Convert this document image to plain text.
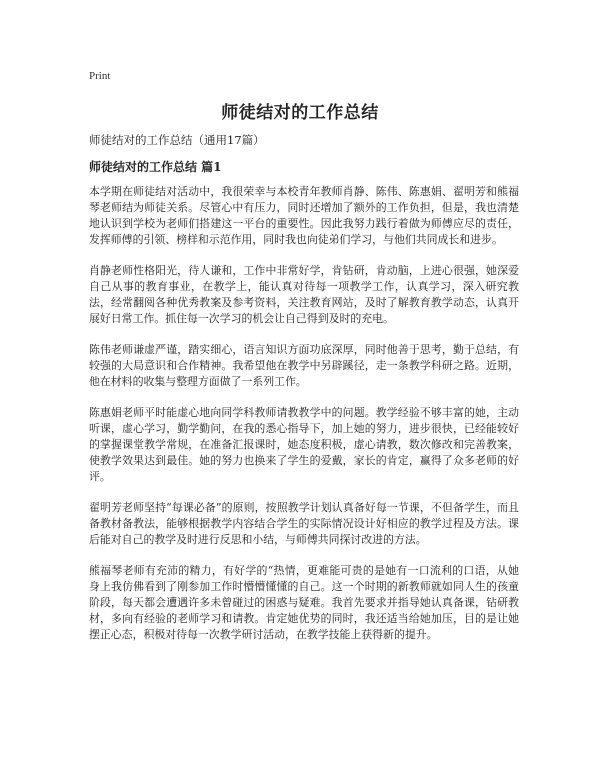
Print
师徒结对的工作总结

师徒结对的工作总结（通用17篇）

师徒结对的工作总结 篇1

本学期在师徒结对活动中，我很荣幸与本校青年教师肖静、陈伟、陈惠娟、翟明芳和熊福琴老师结为师徒关系。尽管心中有压力，同时还增加了额外的工作负担，但是，我也清楚地认识到学校为老师们搭建这一平台的重要性。因此我努力践行着做为师傅应尽的责任，发挥师傅的引领、榜样和示范作用，同时我也向徒弟们学习，与他们共同成长和进步。

肖静老师性格阳光，待人谦和，工作中非常好学，肯钻研，肯动脑，上进心很强，她深爱自己从事的教育事业，在教学上，能认真对待每一项教学工作，认真学习，深入研究教法，经常翻阅各种优秀教案及参考资料，关注教育网站，及时了解教育教学动态，认真开展好日常工作。抓住每一次学习的机会让自己得到及时的充电。

陈伟老师谦虚严谨，踏实细心，语言知识方面功底深厚，同时他善于思考，勤于总结，有较强的大局意识和合作精神。我希望他在教学中另辟蹊径，走一条教学科研之路。近期，他在材料的收集与整理方面做了一系列工作。

陈惠娟老师平时能虚心地向同学科教师请教教学中的问题。教学经验不够丰富的她，主动听课，虚心学习，勤学勤问，在我的悉心指导下，加上她的努力，进步很快，已经能较好的掌握课堂教学常规，在准备汇报课时，她态度积极，虚心请教，数次修改和完善教案，使教学效果达到最佳。她的努力也换来了学生的爱戴，家长的肯定，赢得了众多老师的好评。

翟明芳老师坚持“每课必备”的原则，按照教学计划认真备好每一节课，不但备学生，而且备教材备教法，能够根据教学内容结合学生的实际情况设计好相应的教学过程及方法。课后能对自己的教学及时进行反思和小结，与师傅共同探讨改进的方法。

熊福琴老师有充沛的精力，有好学的“热情，更难能可贵的是她有一口流利的口语，从她身上我仿佛看到了刚参加工作时懵懵懂懂的自己。这一个时期的新教师就如同人生的孩童阶段，每天都会遭遇许多未曾碰过的困惑与疑难。我首先要求并指导她认真备课，钻研教材，多向有经验的老师学习和请教。肯定她优势的同时，我还适当给她加压，目的是让她摆正心态，积极对待每一次教学研讨活动，在教学技能上获得新的提升。
